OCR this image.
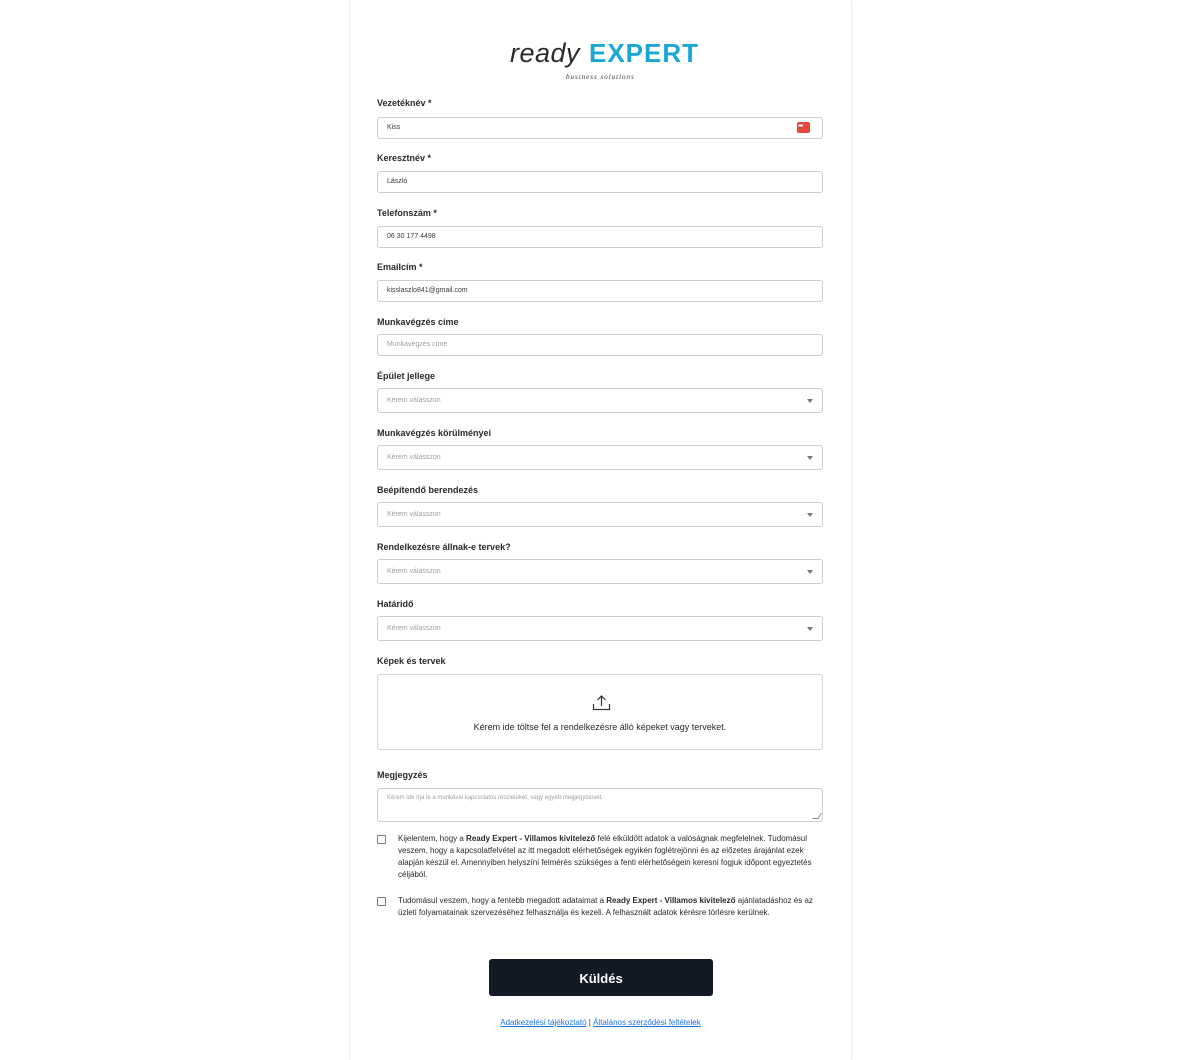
ready EXPERT
business solutions
Vezetéknév *
Kiss
•••
Keresztnév *
László
Telefonszám *
06 30 177 4498
Emailcím *
kisslaszlo841@gmail.com
Munkavégzés címe
Munkavégzés címe
Épület jellege
Kérem válasszon
Munkavégzés körülményei
Kérem válasszon
Beépítendő berendezés
Kérem válasszon
Rendelkezésre állnak-e tervek?
Kérem válasszon
Határidő
Kérem válasszon
Képek és tervek
Kérem ide töltse fel a rendelkezésre álló képeket vagy terveket.
Megjegyzés
Kérem ide írja le a munkával kapcsolatos részleteket, vagy egyéb megjegyzéseit.
Kijelentem, hogy a Ready Expert - Villamos kivitelező felé elküldött adatok a valóságnak megfelelnek. Tudomásul veszem, hogy a kapcsolatfelvétel az itt megadott elérhetőségek egyikén foglétrejönni és az előzetes árajánlat ezek alapján készül el. Amennyiben helyszíni felmérés szükséges a fenti elérhetőségein keresni fogjuk időpont egyeztetés céljából.
Tudomásul veszem, hogy a fentebb megadott adataimat a Ready Expert - Villamos kivitelező ajánlatadáshoz és az üzleti folyamatainak szervezéséhez felhasználja és kezeli. A felhasznált adatok kérésre törlésre kerülnek.
Küldés
Adatkezelési tájékoztató | Általános szerződési feltételek
